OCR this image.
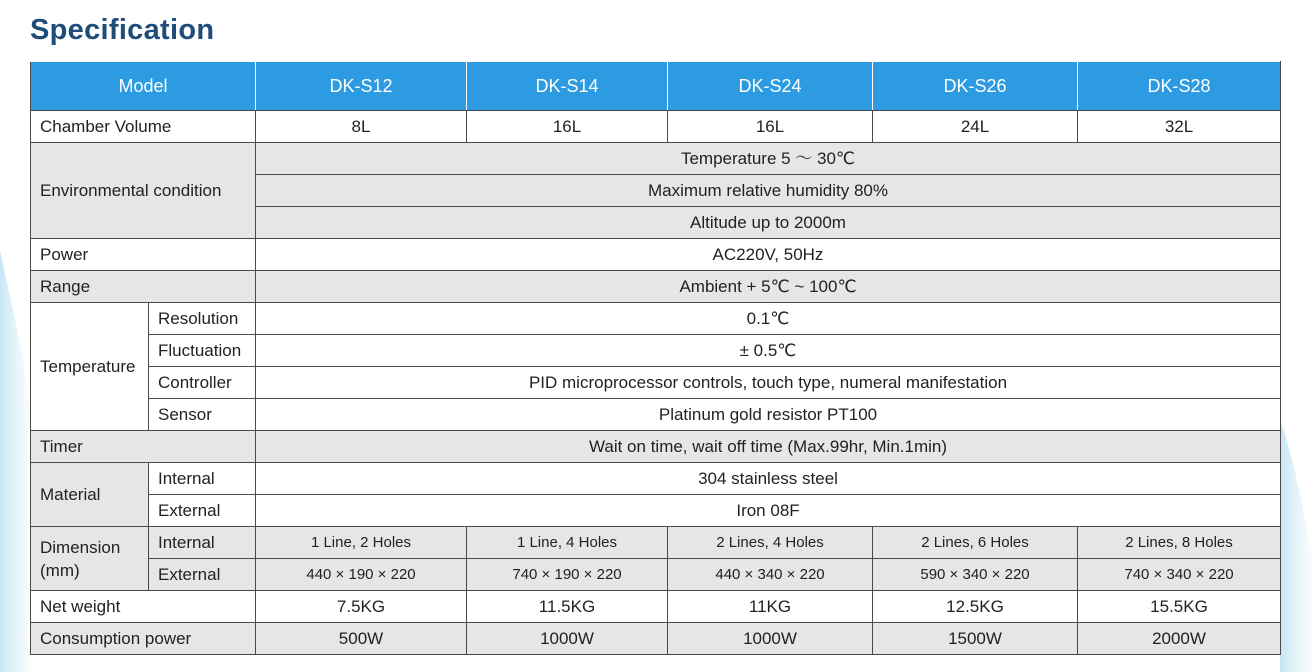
Specification
Model		DK-S12	DK-S14	DK-S24	DK-S26	DK-S28
Chamber Volume		8L	16L	16L	24L	32L
Environmental condition		Temperature 5 ～ 30℃				
		Maximum relative humidity 80%				
		Altitude up to 2000m				
Power		AC220V, 50Hz				
Range		Ambient + 5℃ ~ 100℃				
Temperature	Resolution	0.1℃				
	Fluctuation	± 0.5℃				
	Controller	PID microprocessor controls, touch type, numeral manifestation				
	Sensor	Platinum gold resistor PT100				
Timer		Wait on time, wait off time (Max.99hr, Min.1min)				
Material	Internal	304 stainless steel				
	External	Iron 08F				
Dimension (mm)	Internal	1 Line, 2 Holes	1 Line, 4 Holes	2 Lines, 4 Holes	2 Lines, 6 Holes	2 Lines, 8 Holes
	External	440 × 190 × 220	740 × 190 × 220	440 × 340 × 220	590 × 340 × 220	740 × 340 × 220
Net weight		7.5KG	11.5KG	11KG	12.5KG	15.5KG
Consumption power		500W	1000W	1000W	1500W	2000W
